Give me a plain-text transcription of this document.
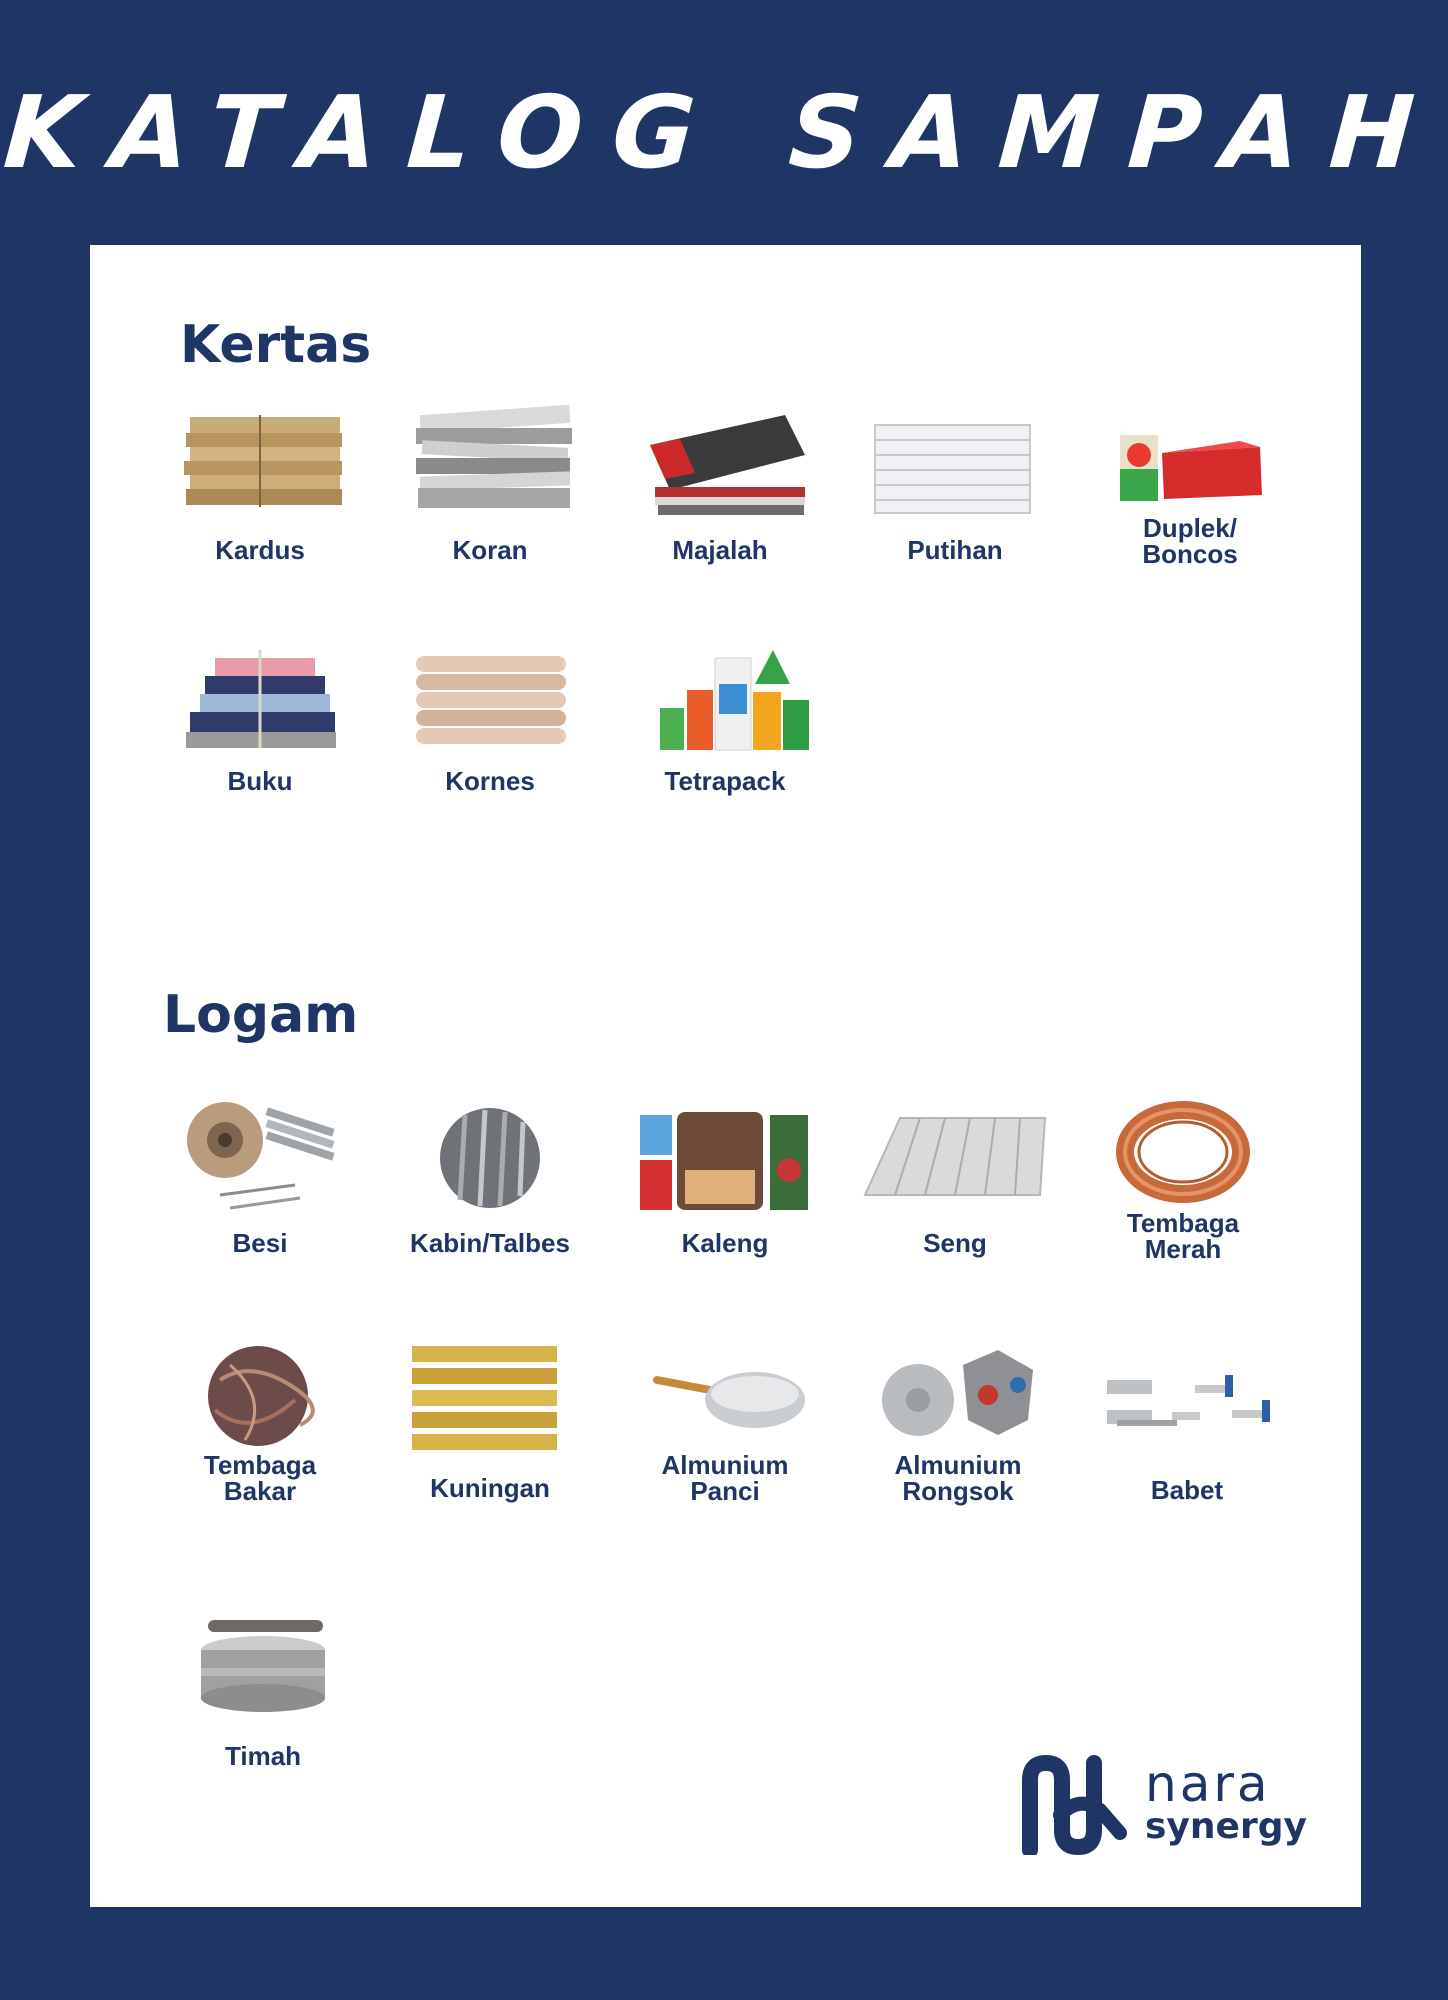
KATALOG SAMPAH
Kertas
Kardus	Koran	Majalah	Putihan
Duplek/
Boncos
Buku	Kornes	Tetrapack
Logam
Besi	Kabin/Talbes	Kaleng	Seng
Tembaga
Merah
Tembaga
Bakar	Kuningan
Almunium
Panci
Almunium
Rongsok	Babet
Timah	nara
synergy
